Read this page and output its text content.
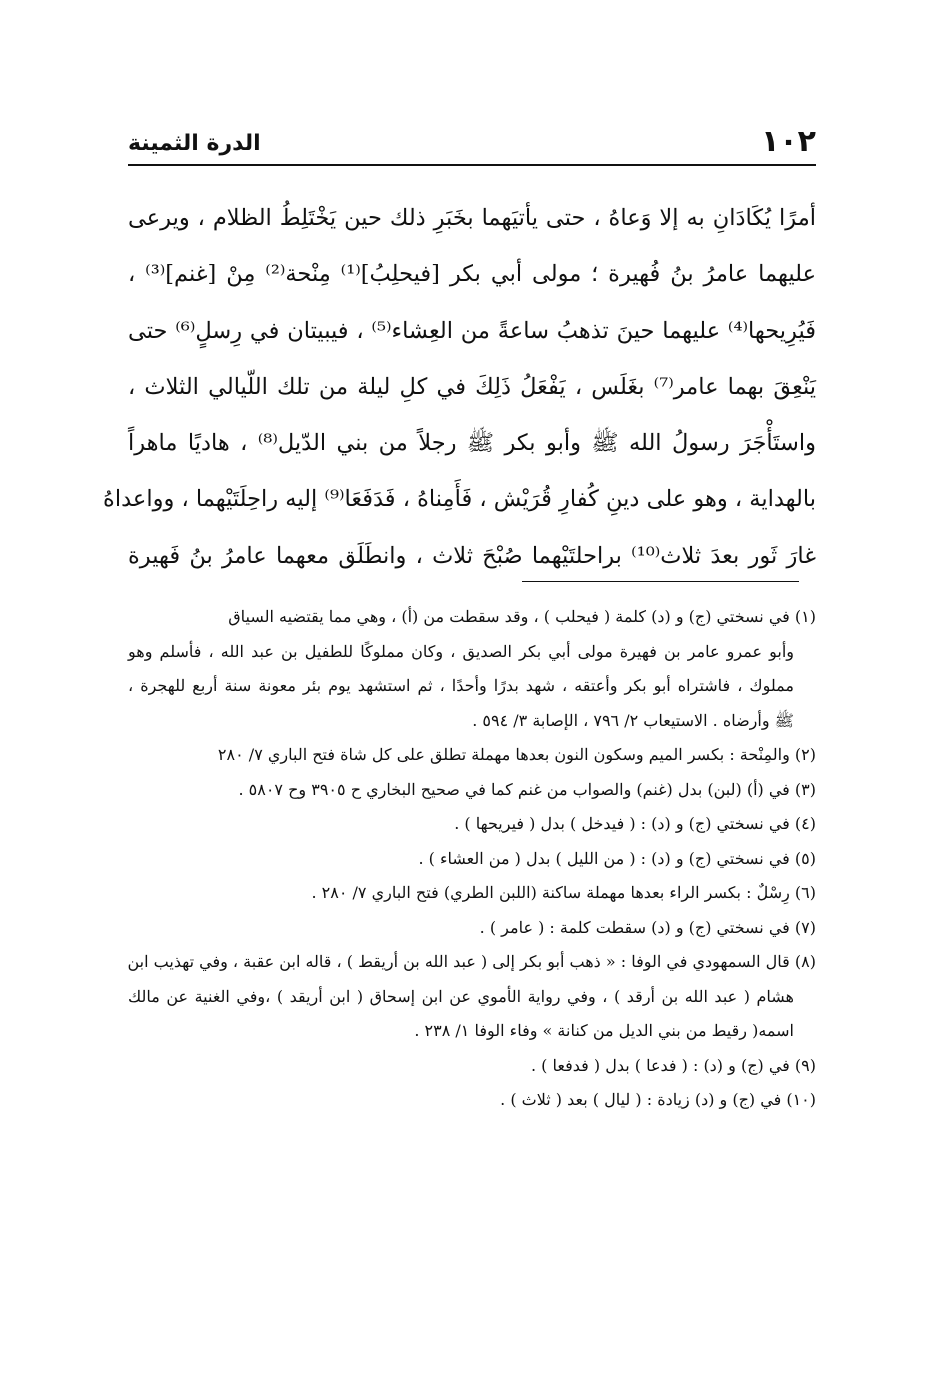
١٠٢
الدرة الثمينة
أمرًا يُكَادَانِ به إلا وَعاهُ ، حتى يأتيَهما بخَبَرِ ذلك حين يَخْتَلِطُ الظلام ، ويرعى
عليهما عامرُ بنُ فُهيرة ؛ مولى أبي بكر [فيحلِبُ]⁽¹⁾ مِنْحة⁽²⁾ مِنْ [غنم]⁽³⁾ ،
فَيُرِيحها⁽⁴⁾ عليهما حينَ تذهبُ ساعةً من العِشاء⁽⁵⁾ ، فيبيتان في رِسلٍ⁽⁶⁾ حتى
يَنْعِقَ بهما عامر⁽⁷⁾ بغَلَس ، يَفْعَلُ ذَلِكَ في كلِ ليلة من تلك اللّيالي الثلاث ،
واستَأْجَرَ رسولُ الله ﷺ وأبو بكر ﷺ رجلاً من بني الدّيل⁽⁸⁾ ، هاديًا ماهراً
بالهداية ، وهو على دينِ كُفارِ قُرَيْش ، فَأَمِناهُ ، فَدَفَعَا⁽⁹⁾ إليه راحِلَتَيْهما ، وواعداهُ
غارَ ثَور بعدَ ثلاث⁽¹⁰⁾ براحلتَيْهما صُبْحَ ثلاث ، وانطَلَق معهما عامرُ بنُ فَهيرة
(١) في نسختي (ج) و (د) كلمة ( فيحلب ) ، وقد سقطت من (أ) ، وهي مما يقتضيه السياق
وأبو عمرو عامر بن فهيرة مولى أبي بكر الصديق ، وكان مملوكًا للطفيل بن عبد الله ، فأسلم وهو
مملوك ، فاشتراه أبو بكر وأعتقه ، شهد بدرًا وأحدًا ، ثم استشهد يوم بئر معونة سنة أربع للهجرة ،
ﷺ وأرضاه . الاستيعاب ٢/ ٧٩٦ ، الإصابة ٣/ ٥٩٤ .
(٢) والمِنْحة : بكسر الميم وسكون النون بعدها مهملة تطلق على كل شاة فتح الباري ٧/ ٢٨٠
(٣) في (أ) (لبن) بدل (غنم) والصواب من غنم كما في صحيح البخاري ح ٣٩٠٥ وح ٥٨٠٧ .
(٤) في نسختي (ج) و (د) : ( فيدخل ) بدل ( فيريحها ) .
(٥) في نسختي (ج) و (د) : ( من الليل ) بدل ( من العشاء ) .
(٦) رِسْلٌ : بكسر الراء بعدها مهملة ساكنة (اللبن الطري) فتح الباري ٧/ ٢٨٠ .
(٧) في نسختي (ج) و (د) سقطت كلمة : ( عامر ) .
(٨) قال السمهودي في الوفا : « ذهب أبو بكر إلى ( عبد الله بن أريقط ) ، قاله ابن عقبة ، وفي تهذيب ابن
هشام ( عبد الله بن أرقد ) ، وفي رواية الأموي عن ابن إسحاق ( ابن أريقد ) ،وفي الغنية عن مالك
اسمه( رقيط من بني الديل من كنانة » وفاء الوفا ١/ ٢٣٨ .
(٩) في (ج) و (د) : ( فدعا ) بدل ( فدفعا ) .
(١٠) في (ج) و (د) زيادة : ( ليال ) بعد ( ثلاث ) .
